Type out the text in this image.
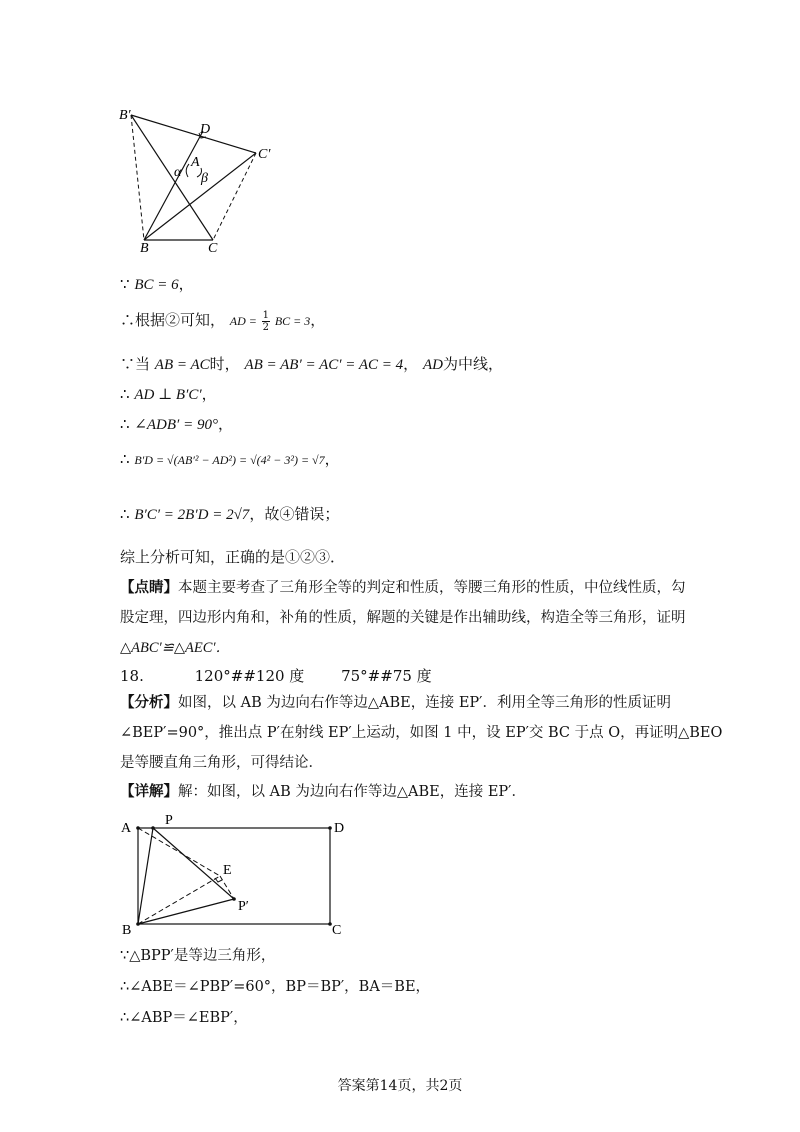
B′
D
A
C′
α β
B	C
∵ BC = 6，
∴根据②可知， AD = $\frac{1}{2}$ BC = 3，
∵当 AB = AC时， AB = AB′ = AC′ = AC = 4， AD为中线，
∴ AD ⊥ B′C′，
∴ ∠ADB′ = 90°，
∴ B′D = √(AB′² − AD²) = √(4² − 3²) = √7，
∴ B′C′ = 2B′D = 2√7，故④错误；
综上分析可知，正确的是①②③．
【点睛】本题主要考查了三角形全等的判定和性质，等腰三角形的性质，中位线性质，勾
股定理，四边形内角和，补角的性质，解题的关键是作出辅助线，构造全等三角形，证明
△ABC′≌△AEC′．
18.	120°##120 度 75°##75 度
【分析】如图，以 AB 为边向右作等边△ABE，连接 EP′．利用全等三角形的性质证明
∠BEP′=90°，推出点 P′在射线 EP′上运动，如图 1 中，设 EP′交 BC 于点 O，再证明△BEO
是等腰直角三角形，可得结论．
【详解】解：如图，以 AB 为边向右作等边△ABE，连接 EP′．
A
P
D
E
P′
B	C
∵△BPP′是等边三角形，
∴∠ABE＝∠PBP′=60°，BP＝BP′，BA＝BE，
∴∠ABP＝∠EBP′，
答案第14页，共2页
